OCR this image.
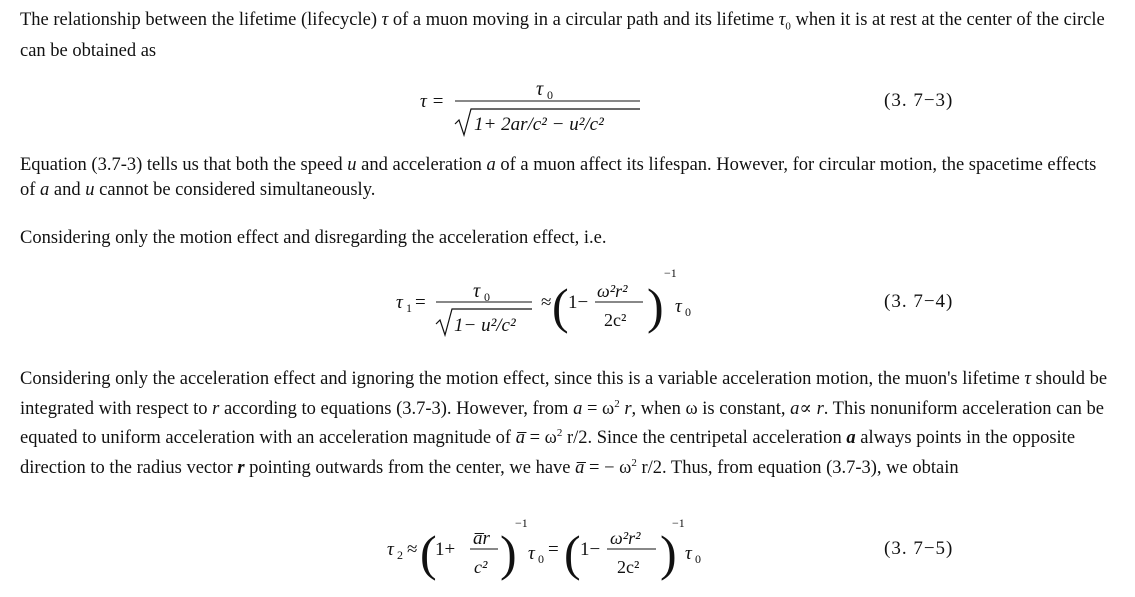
The relationship between the lifetime (lifecycle) τ of a muon moving in a circular path and its lifetime $\tau_0$ when it is at rest at the center of the circle can be obtained as

Equation (3.7-3) tells us that both the speed u and acceleration a of a muon affect its lifespan. However, for circular motion, the spacetime effects of a and u cannot be considered simultaneously.

Considering only the motion effect and disregarding the acceleration effect, i.e.

Considering only the acceleration effect and ignoring the motion effect, since this is a variable acceleration motion, the muon's lifetime τ should be integrated with respect to r according to equations (3.7-3). However, from $a = \omega^2$ r, when ω is constant, a∝ r. This nonuniform acceleration can be equated to uniform acceleration with an acceleration magnitude of a̅ = $\omega^2$ r/2. Since the centripetal acceleration a always points in the opposite direction to the radius vector r pointing outwards from the center, we have a̅ = − $\omega^2$ r/2. Thus, from equation (3.7-3), we obtain

τ =
τ 0
1+ 2ar/c² − u²/c²
τ 1 =
τ 0
1− u²/c²
≈ ( 1−
ω²r²
2c² )
−1
τ 0
τ 2 ≈ (
1+
a̅r
c² )
−1
τ 0 = ( 1−
ω²r²
2c² )
−1
τ 0
(3. 7−3)
(3. 7−4)
(3. 7−5)
